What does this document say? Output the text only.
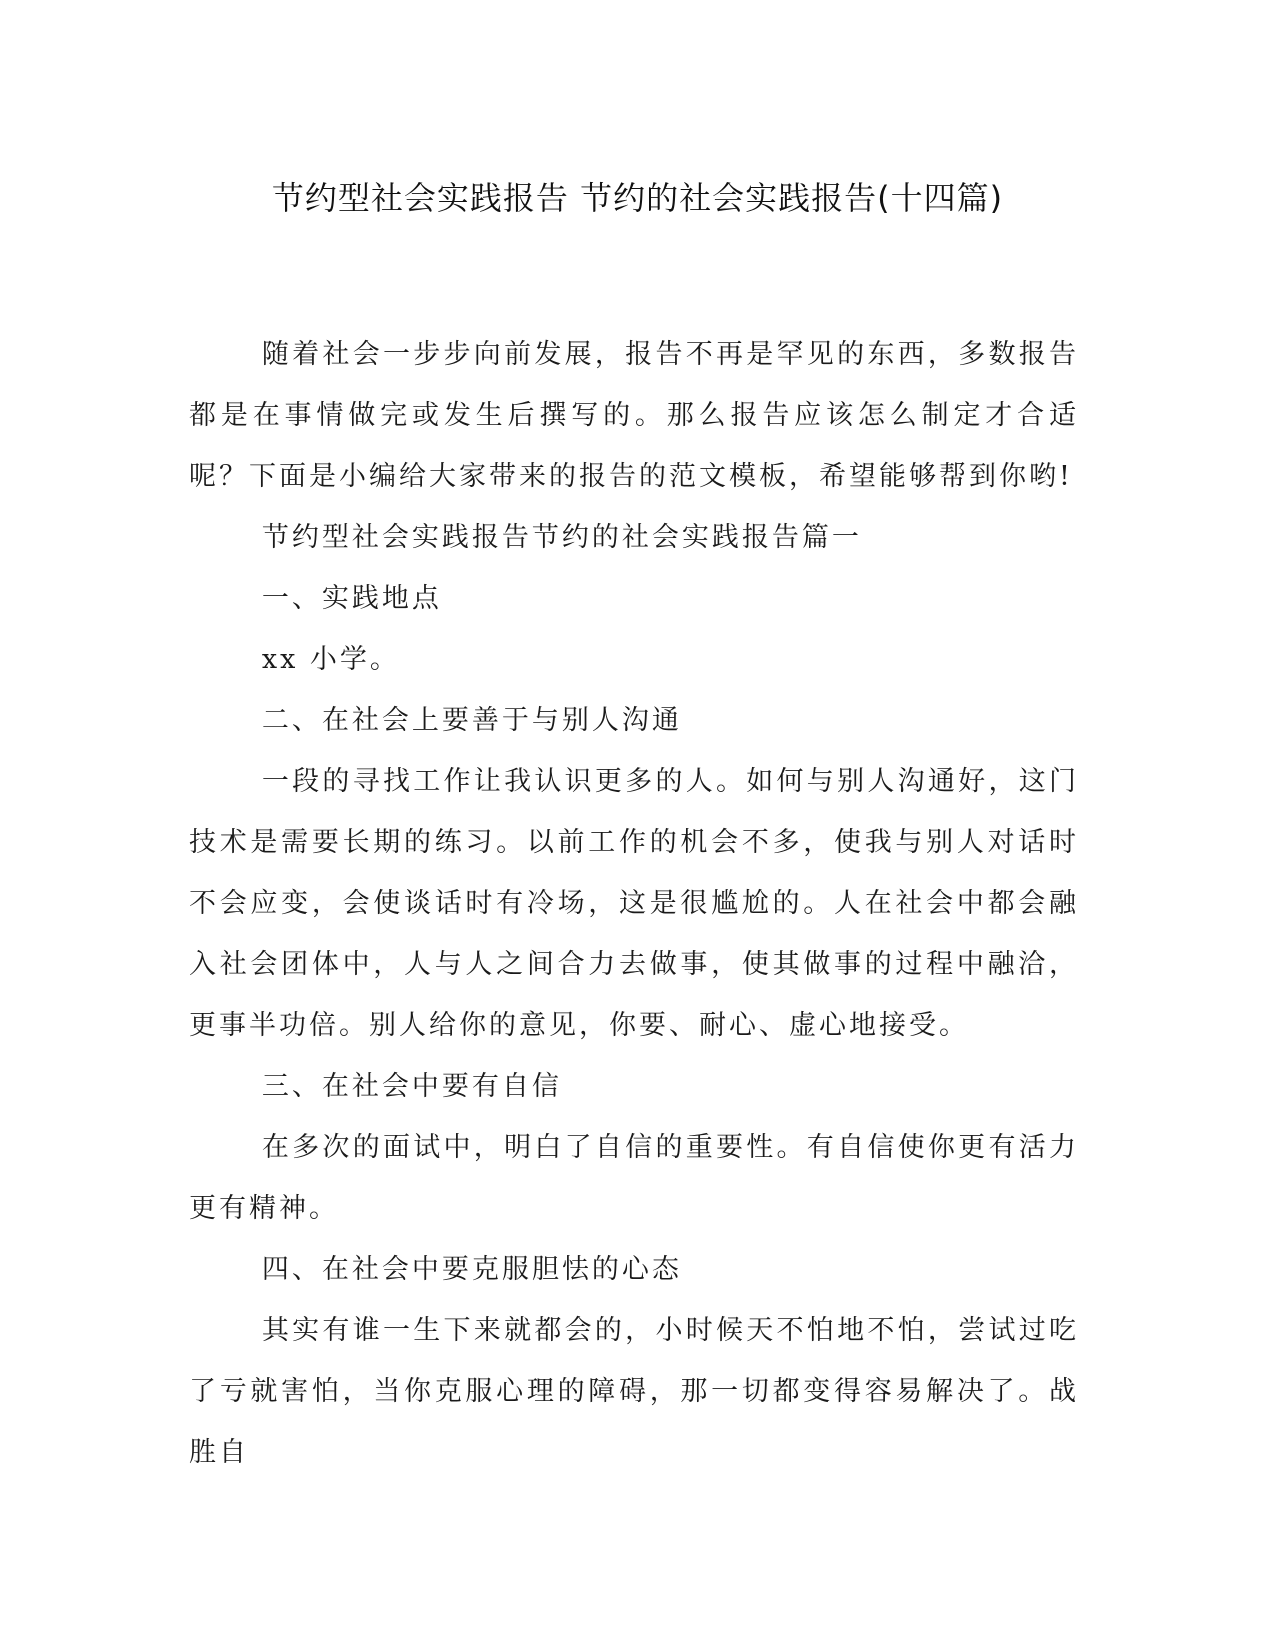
节约型社会实践报告 节约的社会实践报告(十四篇)

随着社会一步步向前发展，报告不再是罕见的东西，多数报告都是在事情做完或发生后撰写的。那么报告应该怎么制定才合适呢？下面是小编给大家带来的报告的范文模板，希望能够帮到你哟!

节约型社会实践报告节约的社会实践报告篇一

一、实践地点

xx 小学。

二、在社会上要善于与别人沟通

一段的寻找工作让我认识更多的人。如何与别人沟通好，这门技术是需要长期的练习。以前工作的机会不多，使我与别人对话时不会应变，会使谈话时有冷场，这是很尴尬的。人在社会中都会融入社会团体中，人与人之间合力去做事，使其做事的过程中融洽，更事半功倍。别人给你的意见，你要、耐心、虚心地接受。

三、在社会中要有自信

在多次的面试中，明白了自信的重要性。有自信使你更有活力更有精神。

四、在社会中要克服胆怯的心态

其实有谁一生下来就都会的，小时候天不怕地不怕，尝试过吃了亏就害怕，当你克服心理的障碍，那一切都变得容易解决了。战胜自
